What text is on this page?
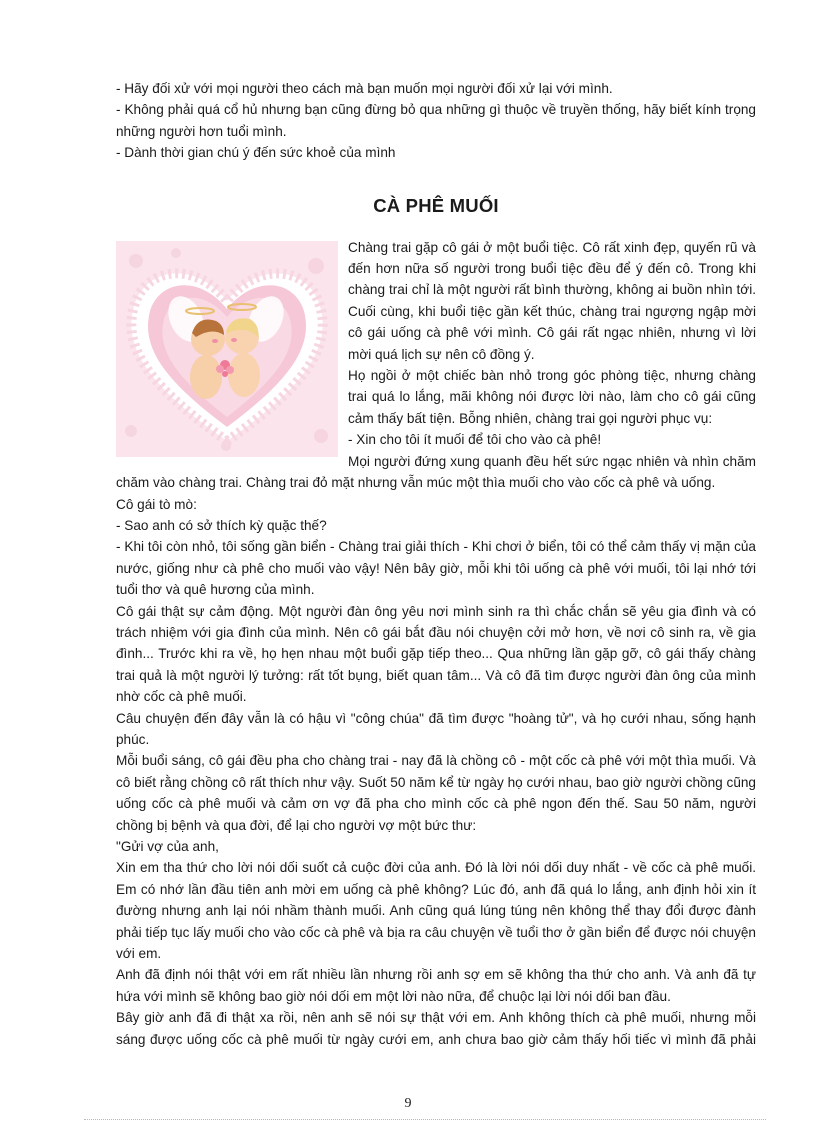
- Hãy đối xử với mọi người theo cách mà bạn muốn mọi người đối xử lại với mình.

- Không phải quá cổ hủ nhưng bạn cũng đừng bỏ qua những gì thuộc về truyền thống, hãy biết kính trọng những người hơn tuổi mình.

- Dành thời gian chú ý đến sức khoẻ của mình

CÀ PHÊ MUỐI

Chàng trai gặp cô gái ở một buổi tiệc. Cô rất xinh đẹp, quyến rũ và đến hơn nữa số người trong buổi tiệc đều để ý đến cô. Trong khi chàng trai chỉ là một người rất bình thường, không ai buồn nhìn tới. Cuối cùng, khi buổi tiệc gần kết thúc, chàng trai ngượng ngập mời cô gái uống cà phê với mình. Cô gái rất ngạc nhiên, nhưng vì lời mời quá lịch sự nên cô đồng ý.

Họ ngồi ở một chiếc bàn nhỏ trong góc phòng tiệc, nhưng chàng trai quá lo lắng, mãi không nói được lời nào, làm cho cô gái cũng cảm thấy bất tiện. Bỗng nhiên, chàng trai gọi người phục vụ:

- Xin cho tôi ít muối để tôi cho vào cà phê!

Mọi người đứng xung quanh đều hết sức ngạc nhiên và nhìn chăm chăm vào chàng trai. Chàng trai đỏ mặt nhưng vẫn múc một thìa muối cho vào cốc cà phê và uống.

Cô gái tò mò:

- Sao anh có sở thích kỳ quặc thế?

- Khi tôi còn nhỏ, tôi sống gần biển - Chàng trai giải thích - Khi chơi ở biển, tôi có thể cảm thấy vị mặn của nước, giống như cà phê cho muối vào vậy! Nên bây giờ, mỗi khi tôi uống cà phê với muối, tôi lại nhớ tới tuổi thơ và quê hương của mình.

Cô gái thật sự cảm động. Một người đàn ông yêu nơi mình sinh ra thì chắc chắn sẽ yêu gia đình và có trách nhiệm với gia đình của mình. Nên cô gái bắt đầu nói chuyện cởi mở hơn, về nơi cô sinh ra, về gia đình... Trước khi ra về, họ hẹn nhau một buổi gặp tiếp theo... Qua những lần gặp gỡ, cô gái thấy chàng trai quả là một người lý tưởng: rất tốt bụng, biết quan tâm... Và cô đã tìm được người đàn ông của mình nhờ cốc cà phê muối.

Câu chuyện đến đây vẫn là có hậu vì "công chúa" đã tìm được "hoàng tử", và họ cưới nhau, sống hạnh phúc.

Mỗi buổi sáng, cô gái đều pha cho chàng trai - nay đã là chồng cô - một cốc cà phê với một thìa muối. Và cô biết rằng chồng cô rất thích như vậy. Suốt 50 năm kể từ ngày họ cưới nhau, bao giờ người chồng cũng uống cốc cà phê muối và cảm ơn vợ đã pha cho mình cốc cà phê ngon đến thế. Sau 50 năm, người chồng bị bệnh và qua đời, để lại cho người vợ một bức thư:

"Gửi vợ của anh,

Xin em tha thứ cho lời nói dối suốt cả cuộc đời của anh. Đó là lời nói dối duy nhất - về cốc cà phê muối. Em có nhớ lần đầu tiên anh mời em uống cà phê không? Lúc đó, anh đã quá lo lắng, anh định hỏi xin ít đường nhưng anh lại nói nhầm thành muối. Anh cũng quá lúng túng nên không thể thay đổi được đành phải tiếp tục lấy muối cho vào cốc cà phê và bịa ra câu chuyện về tuổi thơ ở gần biển để được nói chuyện với em.

Anh đã định nói thật với em rất nhiều lần nhưng rồi anh sợ em sẽ không tha thứ cho anh. Và anh đã tự hứa với mình sẽ không bao giờ nói dối em một lời nào nữa, để chuộc lại lời nói dối ban đầu.

Bây giờ anh đã đi thật xa rồi, nên anh sẽ nói sự thật với em. Anh không thích cà phê muối, nhưng mỗi sáng được uống cốc cà phê muối từ ngày cưới em, anh chưa bao giờ cảm thấy hối tiếc vì mình đã phải

9
